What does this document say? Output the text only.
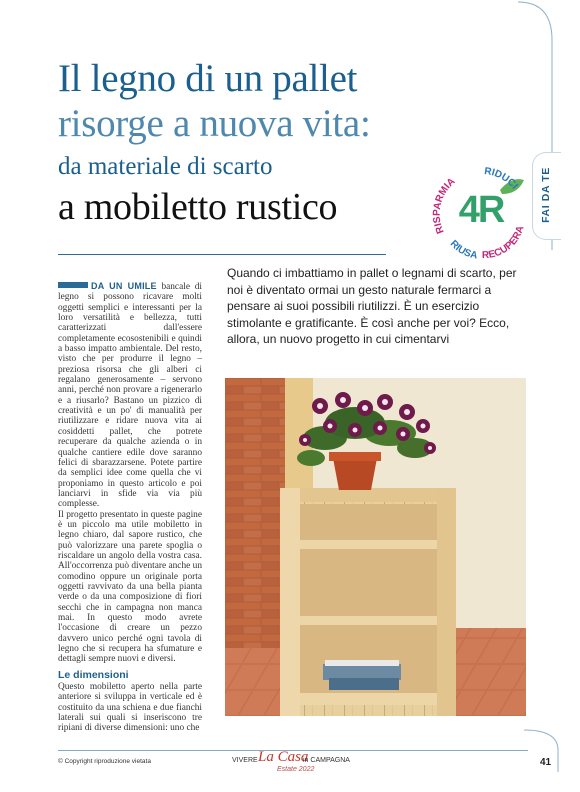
Il legno di un pallet
risorge a nuova vita:
da materiale di scarto
a mobiletto rustico	FAI DA TE
RISPARMIA
RIDUCI
RIUSA RECUPERA
4R
Quando ci imbattiamo in pallet o legnami di scarto, per noi è diventato ormai un gesto naturale fermarci a pensare ai suoi possibili riutilizzi. È un esercizio stimolante e gratificante. È così anche per voi? Ecco, allora, un nuovo progetto in cui cimentarvi

DA UN UMILE bancale di legno si possono ricavare molti oggetti semplici e interessanti per la loro versatilità e bellezza, tutti caratterizzati dall'essere completamente ecosostenibili e quindi a basso impatto ambientale. Del resto, visto che per produrre il legno – preziosa risorsa che gli alberi ci regalano generosamente – servono anni, perché non provare a rigenerarlo e a riusarlo? Bastano un pizzico di creatività e un po' di manualità per riutilizzare e ridare nuova vita ai cosiddetti pallet, che potrete recuperare da qualche azienda o in qualche cantiere edile dove saranno felici di sbarazzarsene. Potete partire da semplici idee come quella che vi proponiamo in questo articolo e poi lanciarvi in sfide via via più complesse.

Il progetto presentato in queste pagine è un piccolo ma utile mobiletto in legno chiaro, dal sapore rustico, che può valorizzare una parete spoglia o riscaldare un angolo della vostra casa. All'occorrenza può diventare anche un comodino oppure un originale porta oggetti ravvivato da una bella pianta verde o da una composizione di fiori secchi che in campagna non manca mai. In questo modo avrete l'occasione di creare un pezzo davvero unico perché ogni tavola di legno che si recupera ha sfumature e dettagli sempre nuovi e diversi.

Le dimensioni

Questo mobiletto aperto nella parte anteriore si sviluppa in verticale ed è costituito da una schiena e due fianchi laterali sui quali si inseriscono tre ripiani di diverse dimensioni: uno che

© Copyright riproduzione vietata	VIVERE La Casa
in CAMPAGNA
Estate 2022
41
